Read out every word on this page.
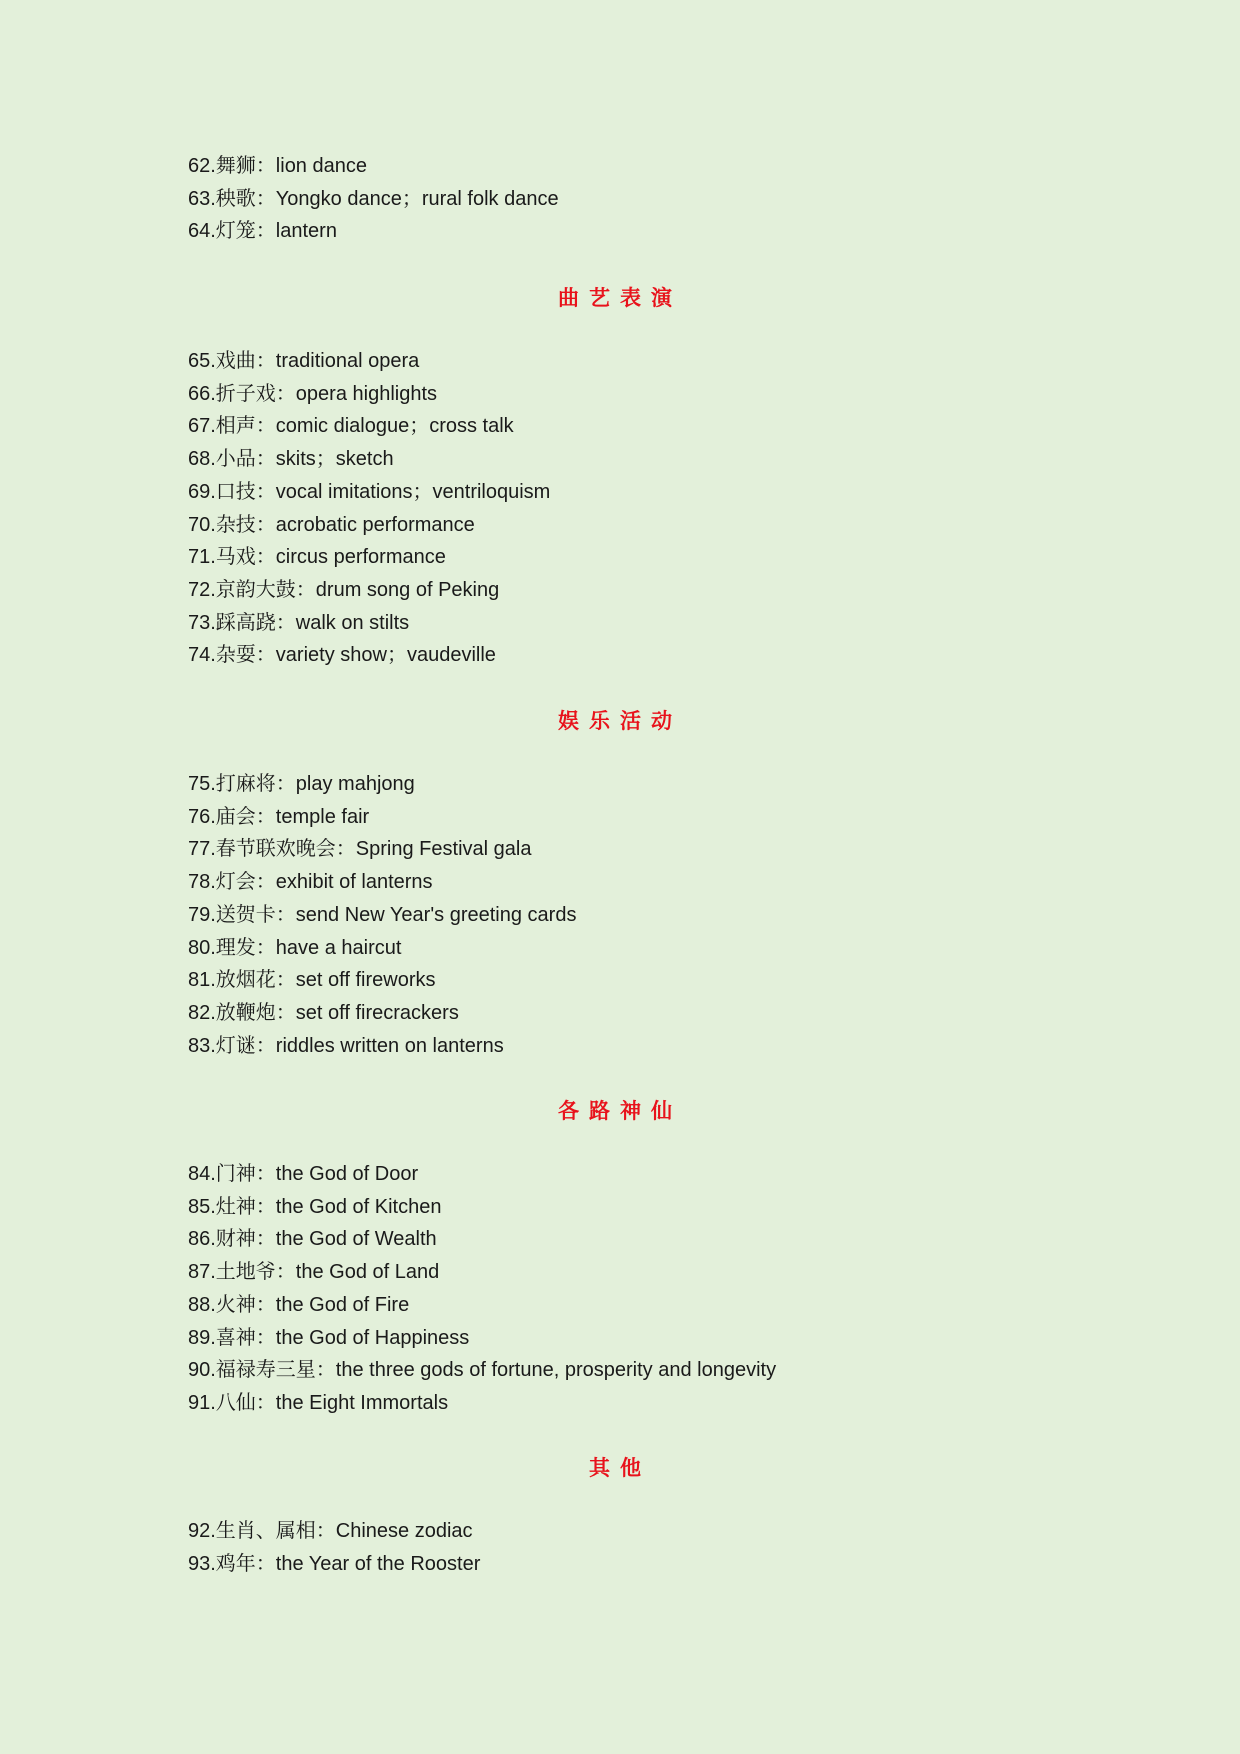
62.舞狮：lion dance
63.秧歌：Yongko dance；rural folk dance
64.灯笼：lantern
曲艺表演
65.戏曲：traditional opera
66.折子戏：opera highlights
67.相声：comic dialogue；cross talk
68.小品：skits；sketch
69.口技：vocal imitations；ventriloquism
70.杂技：acrobatic performance
71.马戏：circus performance
72.京韵大鼓：drum song of Peking
73.踩高跷：walk on stilts
74.杂耍：variety show；vaudeville
娱乐活动
75.打麻将：play mahjong
76.庙会：temple fair
77.春节联欢晚会：Spring Festival gala
78.灯会：exhibit of lanterns
79.送贺卡：send New Year's greeting cards
80.理发：have a haircut
81.放烟花：set off fireworks
82.放鞭炮：set off firecrackers
83.灯谜：riddles written on lanterns
各路神仙
84.门神：the God of Door
85.灶神：the God of Kitchen
86.财神：the God of Wealth
87.土地爷：the God of Land
88.火神：the God of Fire
89.喜神：the God of Happiness
90.福禄寿三星：the three gods of fortune, prosperity and longevity
91.八仙：the Eight Immortals
其他
92.生肖、属相：Chinese zodiac
93.鸡年：the Year of the Rooster
